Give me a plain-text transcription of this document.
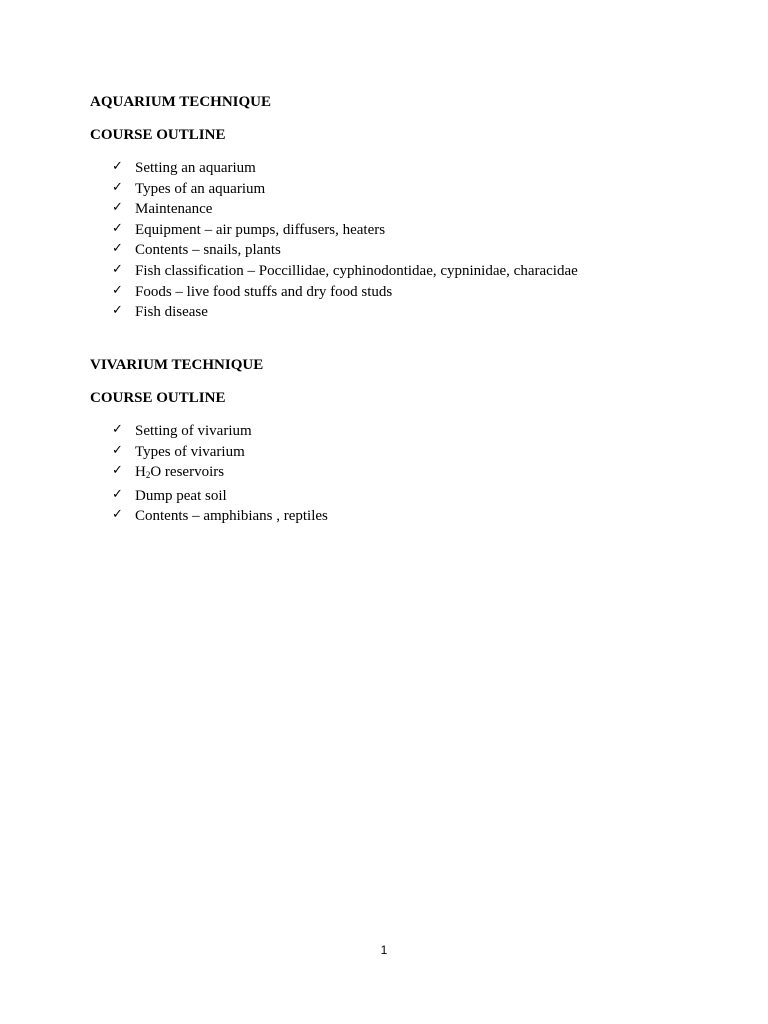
AQUARIUM TECHNIQUE
COURSE OUTLINE
✓ Setting an aquarium
✓ Types of an aquarium
✓ Maintenance
✓ Equipment – air pumps, diffusers, heaters
✓ Contents – snails, plants
✓ Fish classification – Poccillidae, cyphinodontidae, cypninidae, characidae
✓ Foods – live food stuffs and dry food studs
✓ Fish disease
VIVARIUM TECHNIQUE
COURSE OUTLINE
✓ Setting of vivarium
✓ Types of vivarium
✓ $H_2O$ reservoirs
✓ Dump peat soil
✓ Contents – amphibians , reptiles
1
